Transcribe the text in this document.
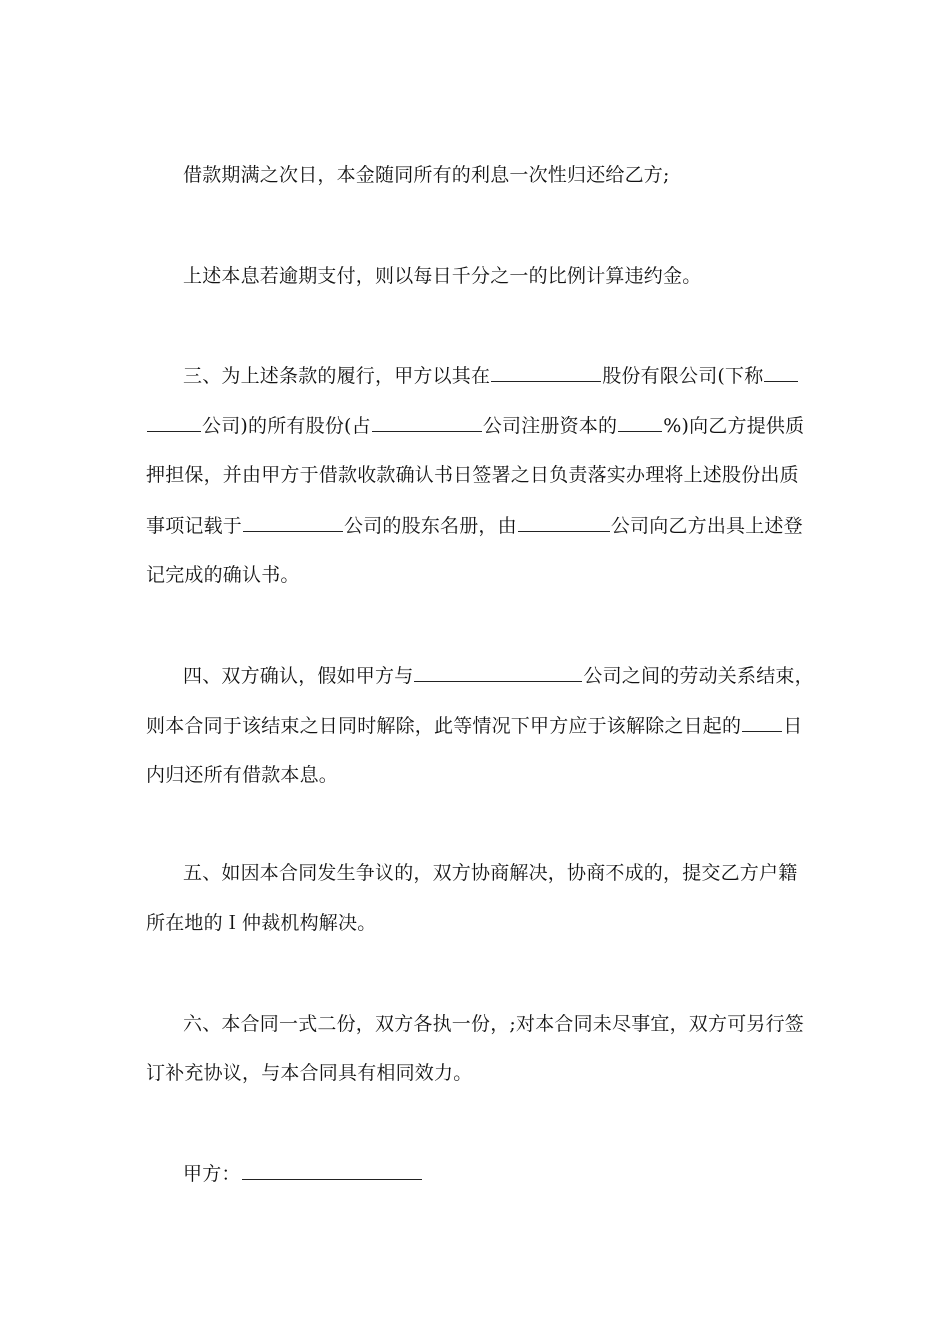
借款期满之次日，本金随同所有的利息一次性归还给乙方;
上述本息若逾期支付，则以每日千分之一的比例计算违约金。
三、为上述条款的履行，甲方以其在	股份有限公司(下称
公司)的所有股份(占	公司注册资本的 %)向乙方提供质
押担保，并由甲方于借款收款确认书日签署之日负责落实办理将上述股份出质
事项记载于	公司的股东名册，由	公司向乙方出具上述登
记完成的确认书。
四、双方确认，假如甲方与	公司之间的劳动关系结束，
则本合同于该结束之日同时解除，此等情况下甲方应于该解除之日起的 日
内归还所有借款本息。
五、如因本合同发生争议的，双方协商解决，协商不成的，提交乙方户籍
所在地的Ｉ仲裁机构解决。
六、本合同一式二份，双方各执一份，;对本合同未尽事宜，双方可另行签
订补充协议，与本合同具有相同效力。
甲方：
